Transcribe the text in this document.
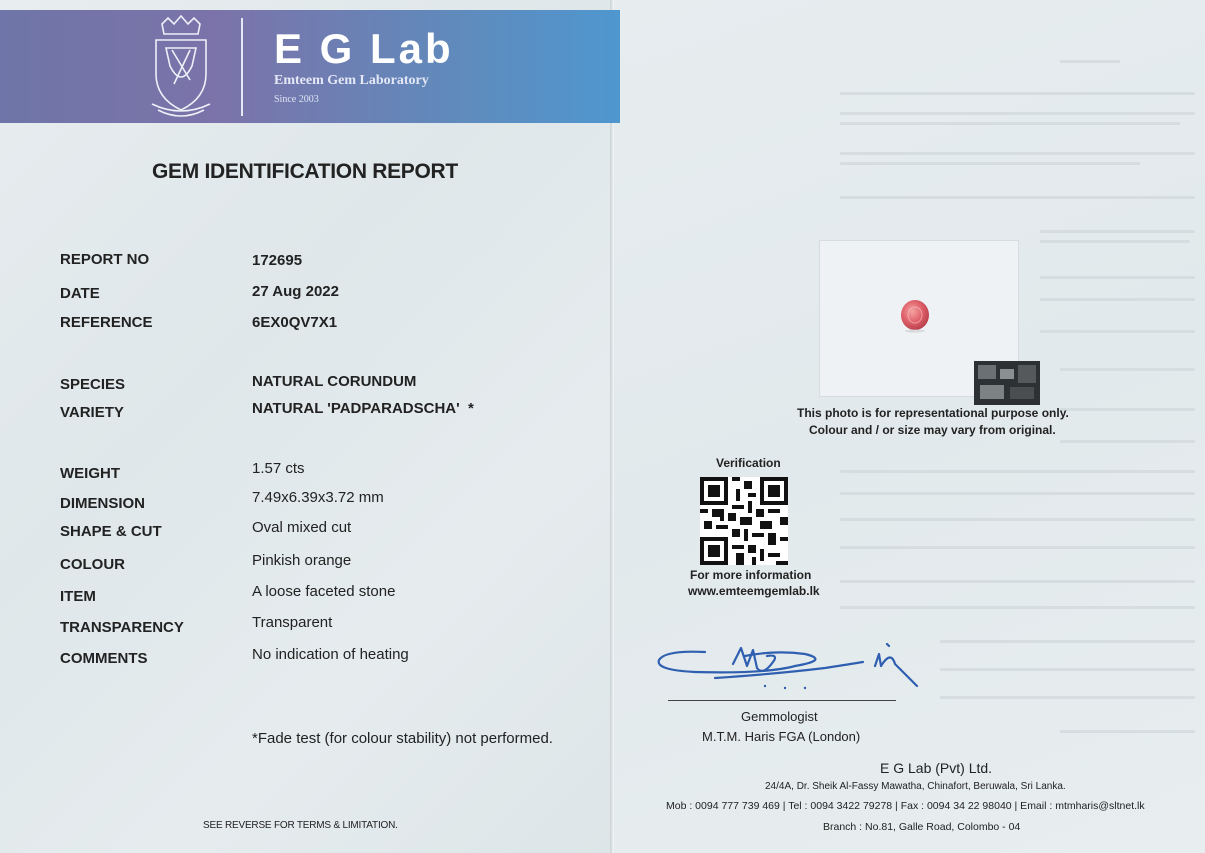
E G Lab
Emteem Gem Laboratory
Since 2003
GEM IDENTIFICATION REPORT
REPORT NO	172695
DATE	27 Aug 2022
REFERENCE	6EX0QV7X1
SPECIES	NATURAL CORUNDUM
VARIETY	NATURAL 'PADPARADSCHA'  *
WEIGHT	1.57 cts
DIMENSION	7.49x6.39x3.72 mm
SHAPE & CUT	Oval mixed cut
COLOUR	Pinkish orange
ITEM	A loose faceted stone
TRANSPARENCY	Transparent
COMMENTS	No indication of heating
*Fade test (for colour stability) not performed.
SEE REVERSE FOR TERMS & LIMITATION.
This photo is for representational purpose only.
Colour and / or size may vary from original.
Verification
For more information
www.emteemgemlab.lk
Gemmologist
M.T.M. Haris FGA (London)
E G Lab (Pvt) Ltd.
24/4A, Dr. Sheik Al-Fassy Mawatha, Chinafort, Beruwala, Sri Lanka.
Mob : 0094 777 739 469 | Tel : 0094 3422 79278 | Fax : 0094 34 22 98040 | Email : mtmharis@sltnet.lk
Branch : No.81, Galle Road, Colombo - 04
